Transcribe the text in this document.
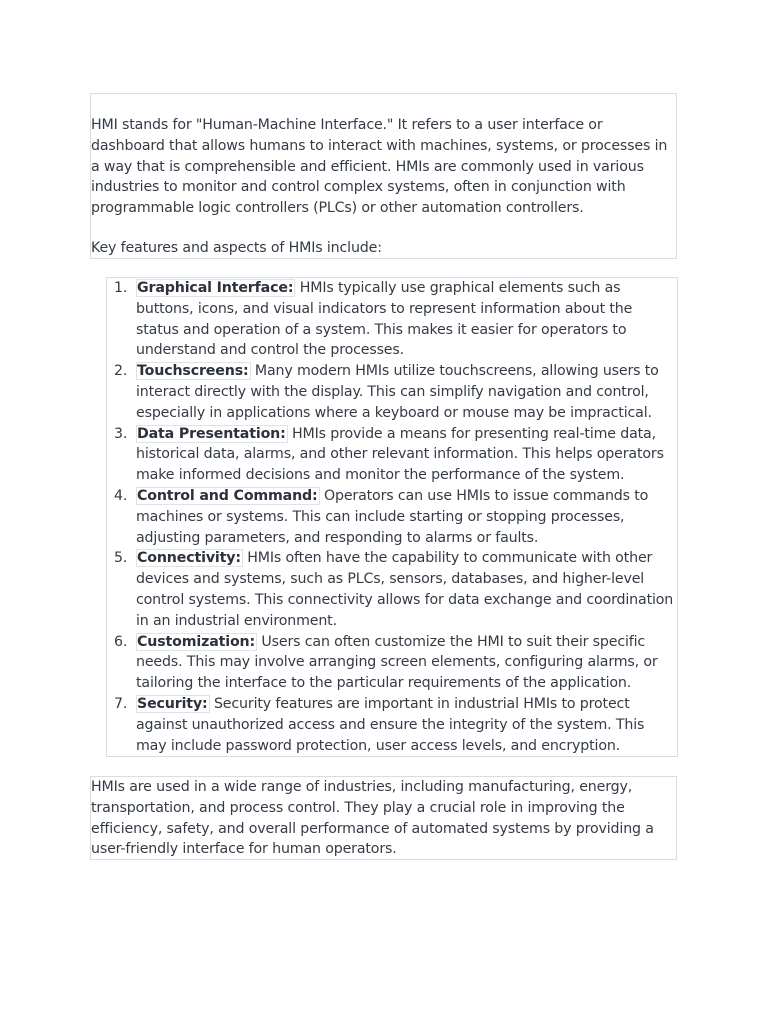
HMI stands for "Human-Machine Interface." It refers to a user interface or dashboard that allows humans to interact with machines, systems, or processes in a way that is comprehensible and efficient. HMIs are commonly used in various industries to monitor and control complex systems, often in conjunction with programmable logic controllers (PLCs) or other automation controllers.

Key features and aspects of HMIs include:

1. Graphical Interface: HMIs typically use graphical elements such as buttons, icons, and visual indicators to represent information about the status and operation of a system. This makes it easier for operators to understand and control the processes.
2. Touchscreens: Many modern HMIs utilize touchscreens, allowing users to interact directly with the display. This can simplify navigation and control, especially in applications where a keyboard or mouse may be impractical.
3. Data Presentation: HMIs provide a means for presenting real-time data, historical data, alarms, and other relevant information. This helps operators make informed decisions and monitor the performance of the system.
4. Control and Command: Operators can use HMIs to issue commands to machines or systems. This can include starting or stopping processes, adjusting parameters, and responding to alarms or faults.
5. Connectivity: HMIs often have the capability to communicate with other devices and systems, such as PLCs, sensors, databases, and higher-level control systems. This connectivity allows for data exchange and coordination in an industrial environment.
6. Customization: Users can often customize the HMI to suit their specific needs. This may involve arranging screen elements, configuring alarms, or tailoring the interface to the particular requirements of the application.
7. Security: Security features are important in industrial HMIs to protect against unauthorized access and ensure the integrity of the system. This may include password protection, user access levels, and encryption.

HMIs are used in a wide range of industries, including manufacturing, energy, transportation, and process control. They play a crucial role in improving the efficiency, safety, and overall performance of automated systems by providing a user-friendly interface for human operators.
